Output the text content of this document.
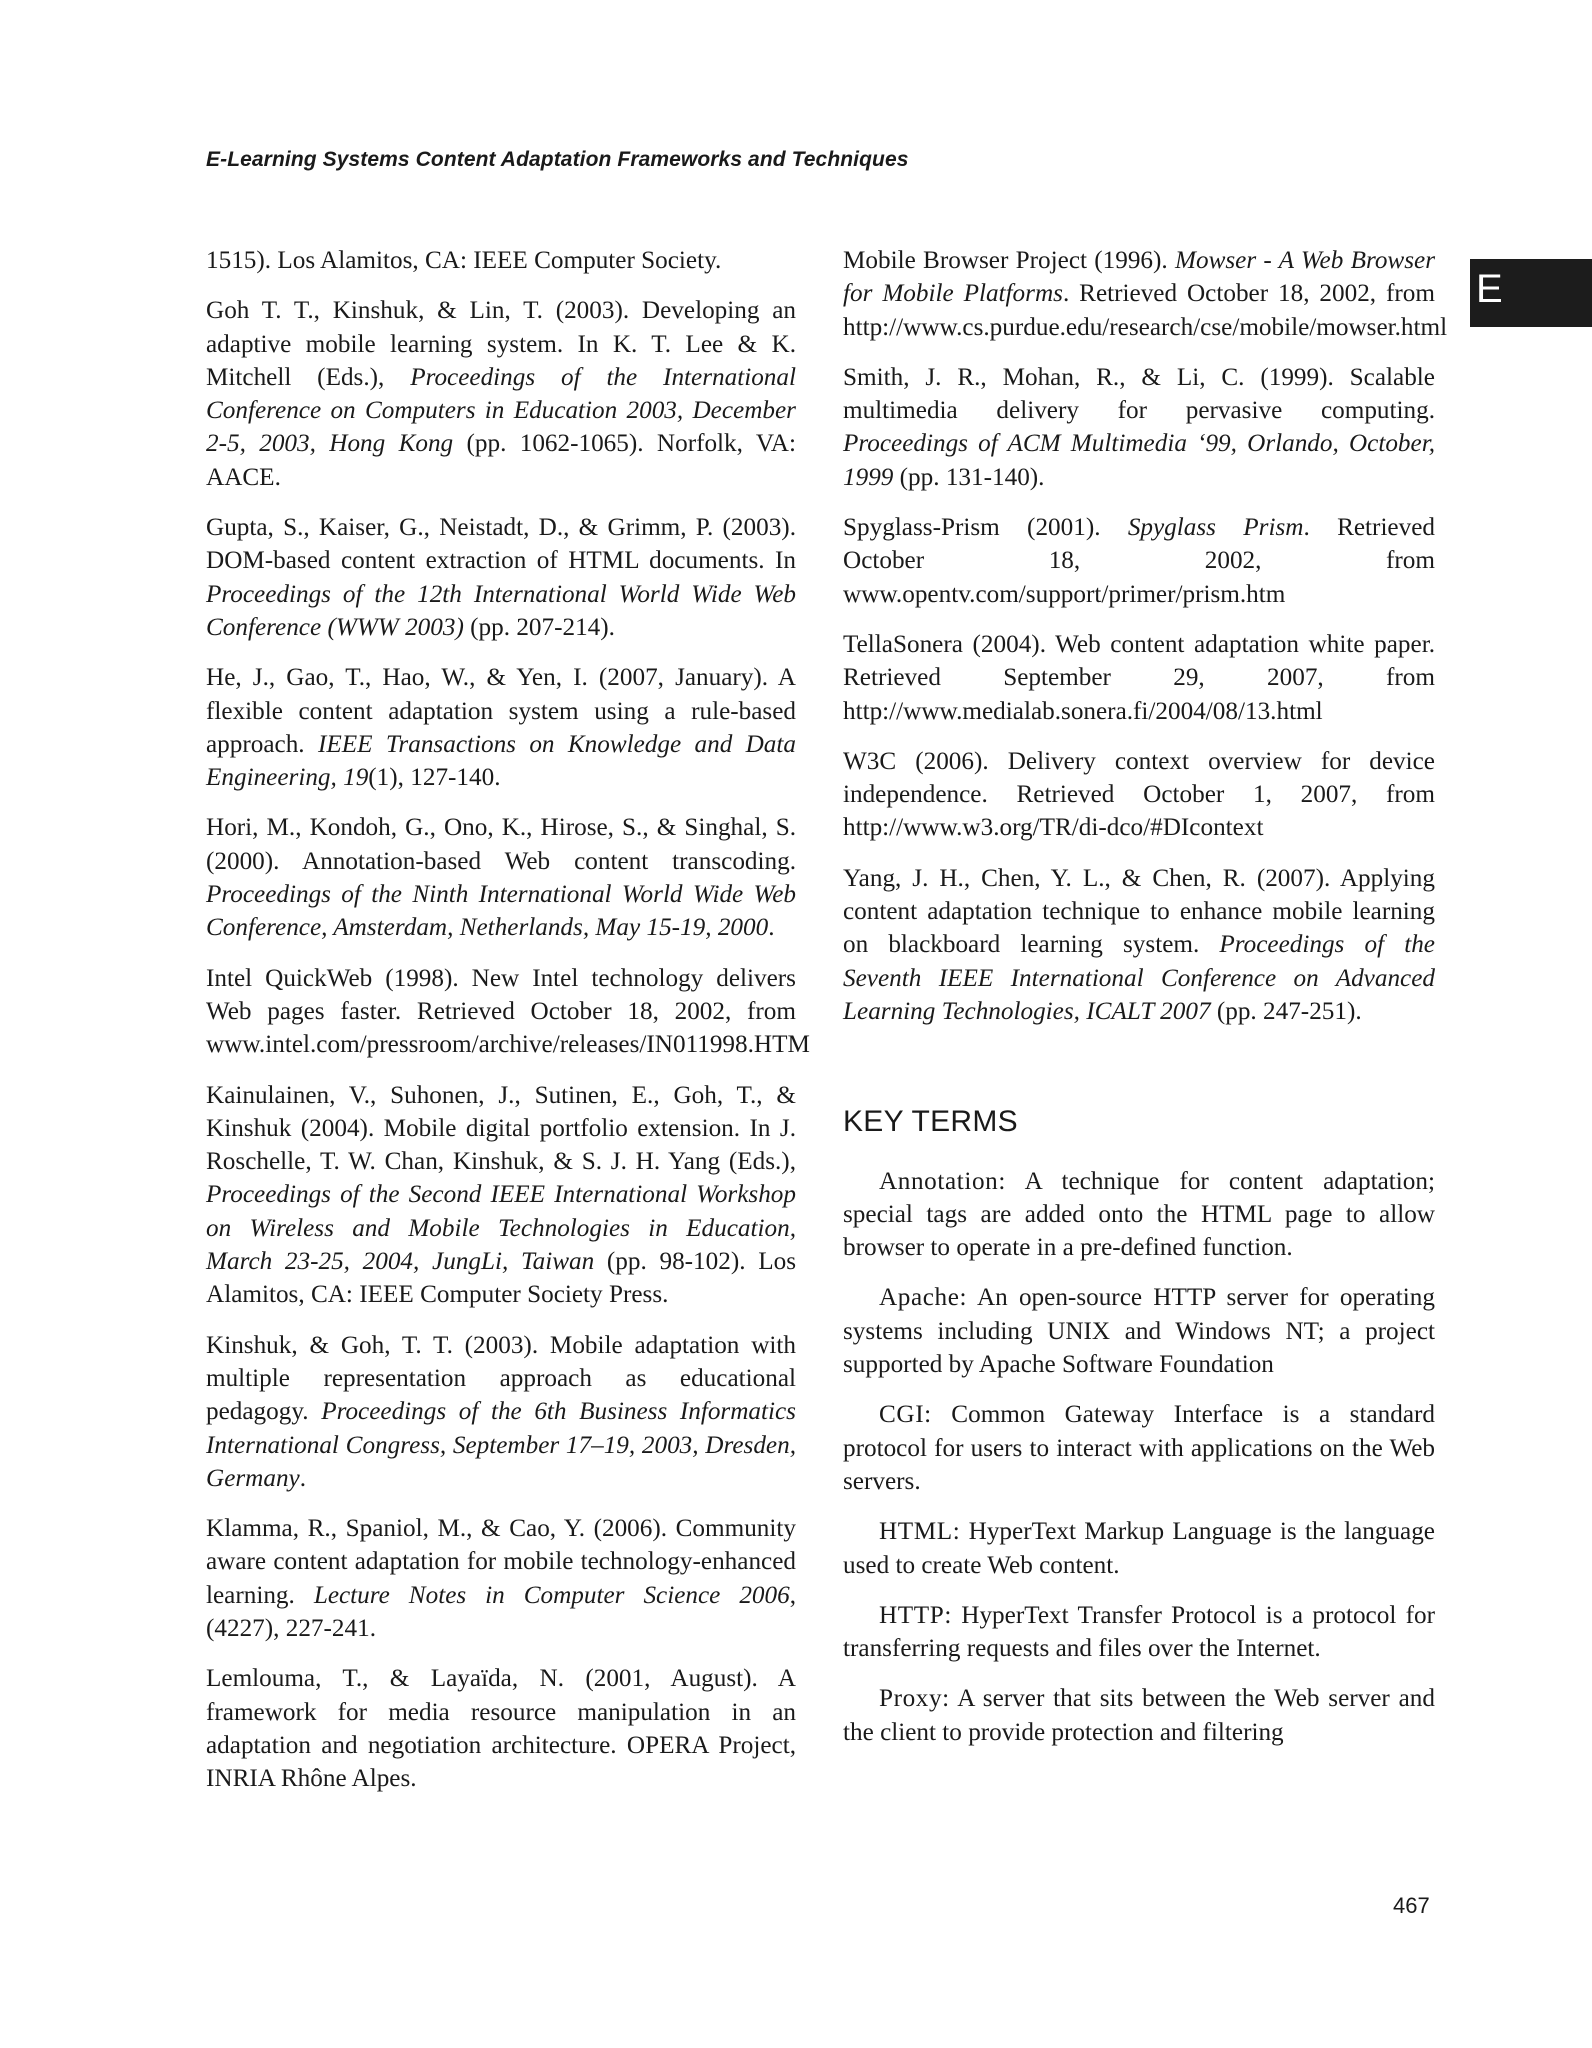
E-Learning Systems Content Adaptation Frameworks and Techniques
E

1515). Los Alamitos, CA: IEEE Computer Society.

Goh T. T., Kinshuk, & Lin, T. (2003). Developing an adaptive mobile learning system. In K. T. Lee & K. Mitchell (Eds.), Proceedings of the International Conference on Computers in Education 2003, December 2-5, 2003, Hong Kong (pp. 1062-1065). Norfolk, VA: AACE.

Gupta, S., Kaiser, G., Neistadt, D., & Grimm, P. (2003). DOM-based content extraction of HTML documents. In Proceedings of the 12th International World Wide Web Conference (WWW 2003) (pp. 207-214).

He, J., Gao, T., Hao, W., & Yen, I. (2007, January). A flexible content adaptation system using a rule-based approach. IEEE Transactions on Knowledge and Data Engineering, 19(1), 127-140.

Hori, M., Kondoh, G., Ono, K., Hirose, S., & Singhal, S. (2000). Annotation-based Web content transcoding. Proceedings of the Ninth International World Wide Web Conference, Amsterdam, Netherlands, May 15-19, 2000.

Intel QuickWeb (1998). New Intel technology delivers Web pages faster. Retrieved October 18, 2002, from www.intel.com/pressroom/archive/releases/IN011998.HTM

Kainulainen, V., Suhonen, J., Sutinen, E., Goh, T., & Kinshuk (2004). Mobile digital portfolio extension. In J. Roschelle, T. W. Chan, Kinshuk, & S. J. H. Yang (Eds.), Proceedings of the Second IEEE International Workshop on Wireless and Mobile Technologies in Education, March 23-25, 2004, JungLi, Taiwan (pp. 98-102). Los Alamitos, CA: IEEE Computer Society Press.

Kinshuk, & Goh, T. T. (2003). Mobile adaptation with multiple representation approach as educational pedagogy. Proceedings of the 6th Business Informatics International Congress, September 17–19, 2003, Dresden, Germany.

Klamma, R., Spaniol, M., & Cao, Y. (2006). Community aware content adaptation for mobile technology-enhanced learning. Lecture Notes in Computer Science 2006, (4227), 227-241.

Lemlouma, T., & Layaïda, N. (2001, August). A framework for media resource manipulation in an adaptation and negotiation architecture. OPERA Project, INRIA Rhône Alpes.

Mobile Browser Project (1996). Mowser - A Web Browser for Mobile Platforms. Retrieved October 18, 2002, from http://www.cs.purdue.edu/research/cse/mobile/mowser.html

Smith, J. R., Mohan, R., & Li, C. (1999). Scalable multimedia delivery for pervasive computing. Proceedings of ACM Multimedia ‘99, Orlando, October, 1999 (pp. 131-140).

Spyglass-Prism (2001). Spyglass Prism. Retrieved October 18, 2002, from www.opentv.com/support/primer/prism.htm

TellaSonera (2004). Web content adaptation white paper. Retrieved September 29, 2007, from http://www.medialab.sonera.fi/2004/08/13.html

W3C (2006). Delivery context overview for device independence. Retrieved October 1, 2007, from http://www.w3.org/TR/di-dco/#DIcontext

Yang, J. H., Chen, Y. L., & Chen, R. (2007). Applying content adaptation technique to enhance mobile learning on blackboard learning system. Proceedings of the Seventh IEEE International Conference on Advanced Learning Technologies, ICALT 2007 (pp. 247-251).

KEY TERMS

Annotation: A technique for content adaptation; special tags are added onto the HTML page to allow browser to operate in a pre-defined function.

Apache: An open-source HTTP server for operating systems including UNIX and Windows NT; a project supported by Apache Software Foundation

CGI: Common Gateway Interface is a standard protocol for users to interact with applications on the Web servers.

HTML: HyperText Markup Language is the language used to create Web content.

HTTP: HyperText Transfer Protocol is a protocol for transferring requests and files over the Internet.

Proxy: A server that sits between the Web server and the client to provide protection and filtering

467
